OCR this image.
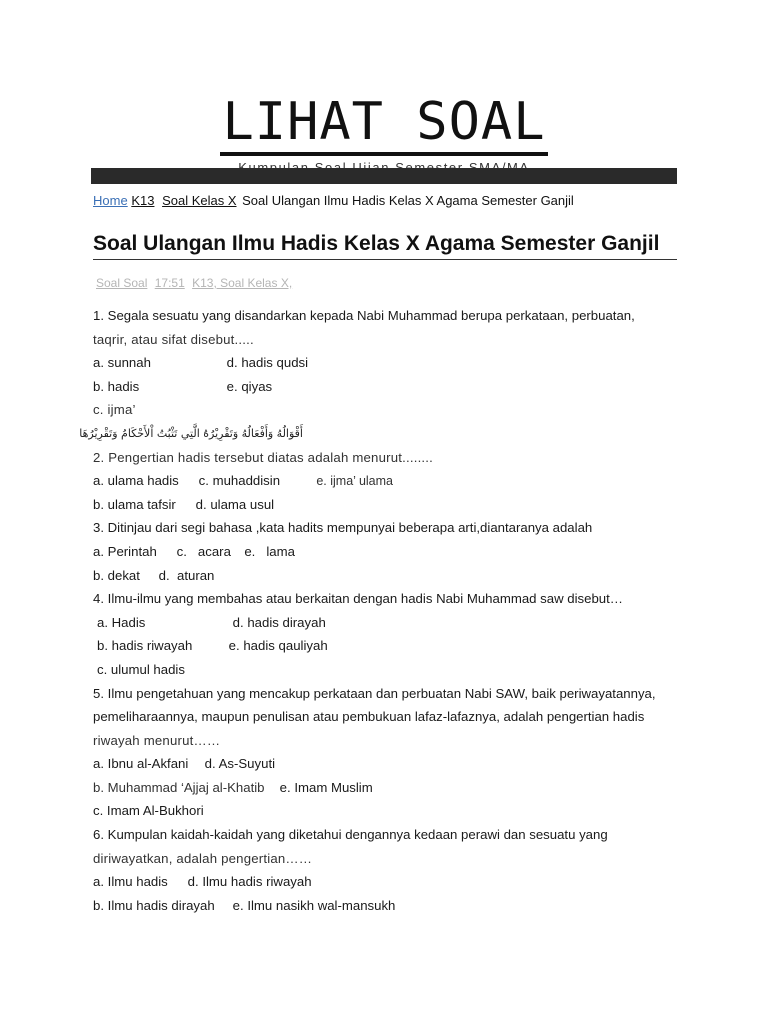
LIHAT SOAL
Home K13 Soal Kelas X Soal Ulangan Ilmu Hadis Kelas X Agama Semester Ganjil
Soal Ulangan Ilmu Hadis Kelas X Agama Semester Ganjil
Soal Soal 17:51 K13, Soal Kelas X,
1. Segala sesuatu yang disandarkan kepada Nabi Muhammad berupa perkataan, perbuatan,
taqrir, atau sifat disebut.....
a. sunnah	d. hadis qudsi
b. hadis	e. qiyas
c. ijma’
أَقْوَالُهُ وَأَفْعَالُهُ وَتَقْرِيْرُهُ الَّتِي تَثْبُتُ اْلأَحْكَامُ وَتَقْرِيْرُهَا
2. Pengertian hadis tersebut diatas adalah menurut........
a. ulama hadis c. muhaddisin	e. ijma’ ulama
b. ulama tafsir d. ulama usul
3. Ditinjau dari segi bahasa ,kata hadits mempunyai beberapa arti,diantaranya adalah
a. Perintah c.   acara e.   lama
b. dekat d.  aturan
4. Ilmu-ilmu yang membahas atau berkaitan dengan hadis Nabi Muhammad saw disebut…
a. Hadis	d. hadis dirayah
b. hadis riwayah	e. hadis qauliyah
c. ulumul hadis
5. Ilmu pengetahuan yang mencakup perkataan dan perbuatan Nabi SAW, baik periwayatannya,
pemeliharaannya, maupun penulisan atau pembukuan lafaz-lafaznya, adalah pengertian hadis
riwayah menurut……
a. Ibnu al-Akfani d. As-Suyuti
b. Muhammad ‘Ajjaj al-Khatib e. Imam Muslim
c. Imam Al-Bukhori
6. Kumpulan kaidah-kaidah yang diketahui dengannya kedaan perawi dan sesuatu yang
diriwayatkan, adalah pengertian……
a. Ilmu hadis d. Ilmu hadis riwayah
b. Ilmu hadis dirayah e. Ilmu nasikh wal-mansukh
